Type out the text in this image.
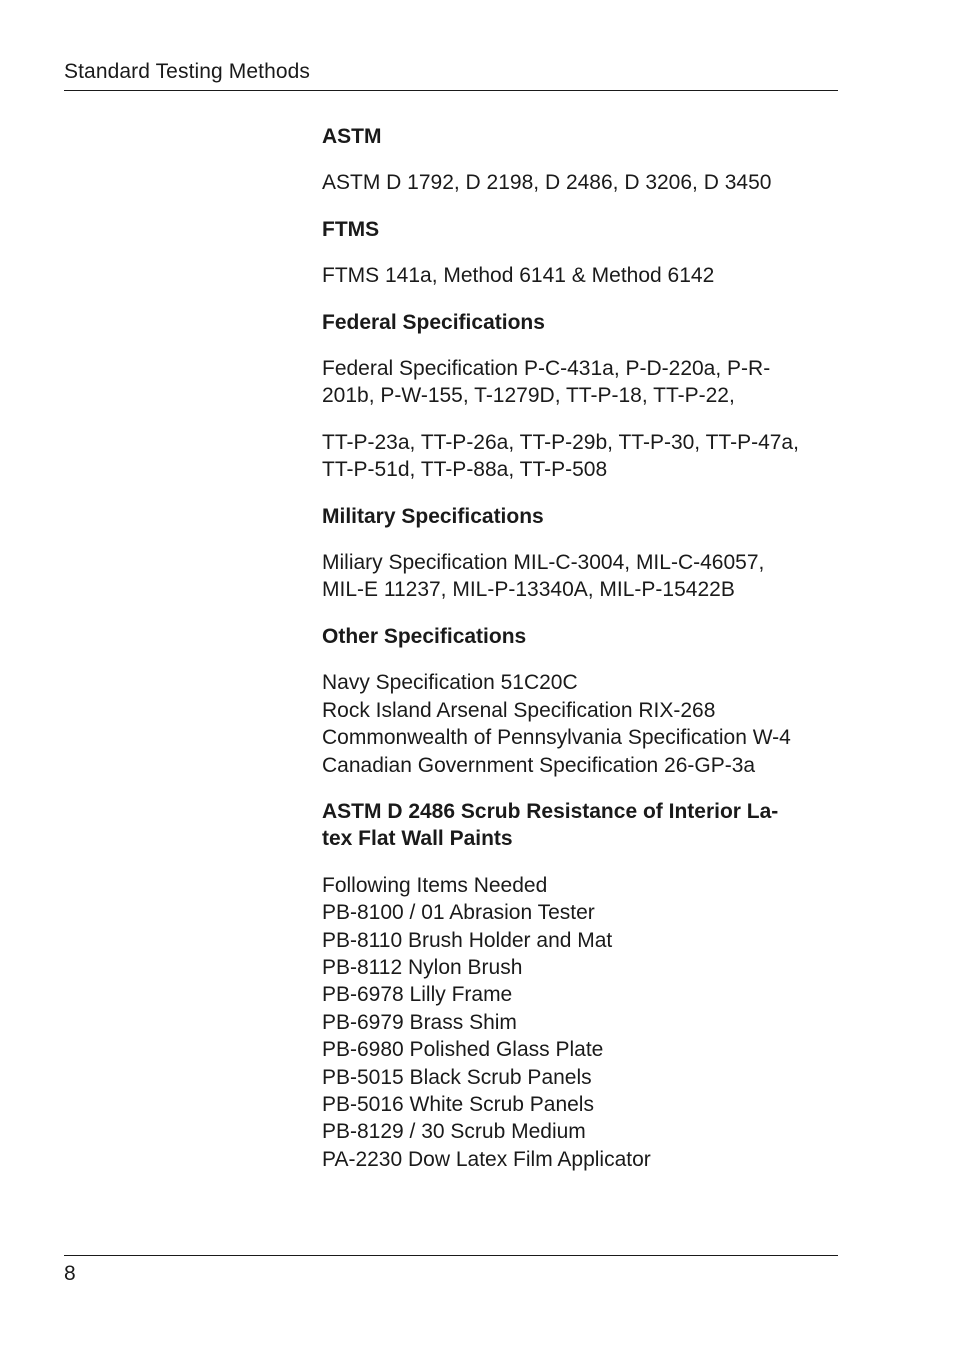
Standard Testing Methods
ASTM
ASTM D 1792, D 2198, D 2486, D 3206, D 3450
FTMS
FTMS 141a, Method 6141 & Method 6142
Federal Specifications
Federal Specification P-C-431a, P-D-220a, P-R-
201b, P-W-155, T-1279D, TT-P-18, TT-P-22,
TT-P-23a, TT-P-26a, TT-P-29b, TT-P-30, TT-P-47a,
TT-P-51d, TT-P-88a, TT-P-508
Military Specifications
Miliary Specification MIL-C-3004, MIL-C-46057,
MIL-E 11237, MIL-P-13340A, MIL-P-15422B
Other Specifications
Navy Specification 51C20C
Rock Island Arsenal Specification RIX-268
Commonwealth of Pennsylvania Specification W-4
Canadian Government Specification 26-GP-3a
ASTM D 2486 Scrub Resistance of Interior La-
tex Flat Wall Paints
Following Items Needed
PB-8100 / 01 Abrasion Tester
PB-8110 Brush Holder and Mat
PB-8112 Nylon Brush
PB-6978 Lilly Frame
PB-6979 Brass Shim
PB-6980 Polished Glass Plate
PB-5015 Black Scrub Panels
PB-5016 White Scrub Panels
PB-8129 / 30 Scrub Medium
PA-2230 Dow Latex Film Applicator
8
